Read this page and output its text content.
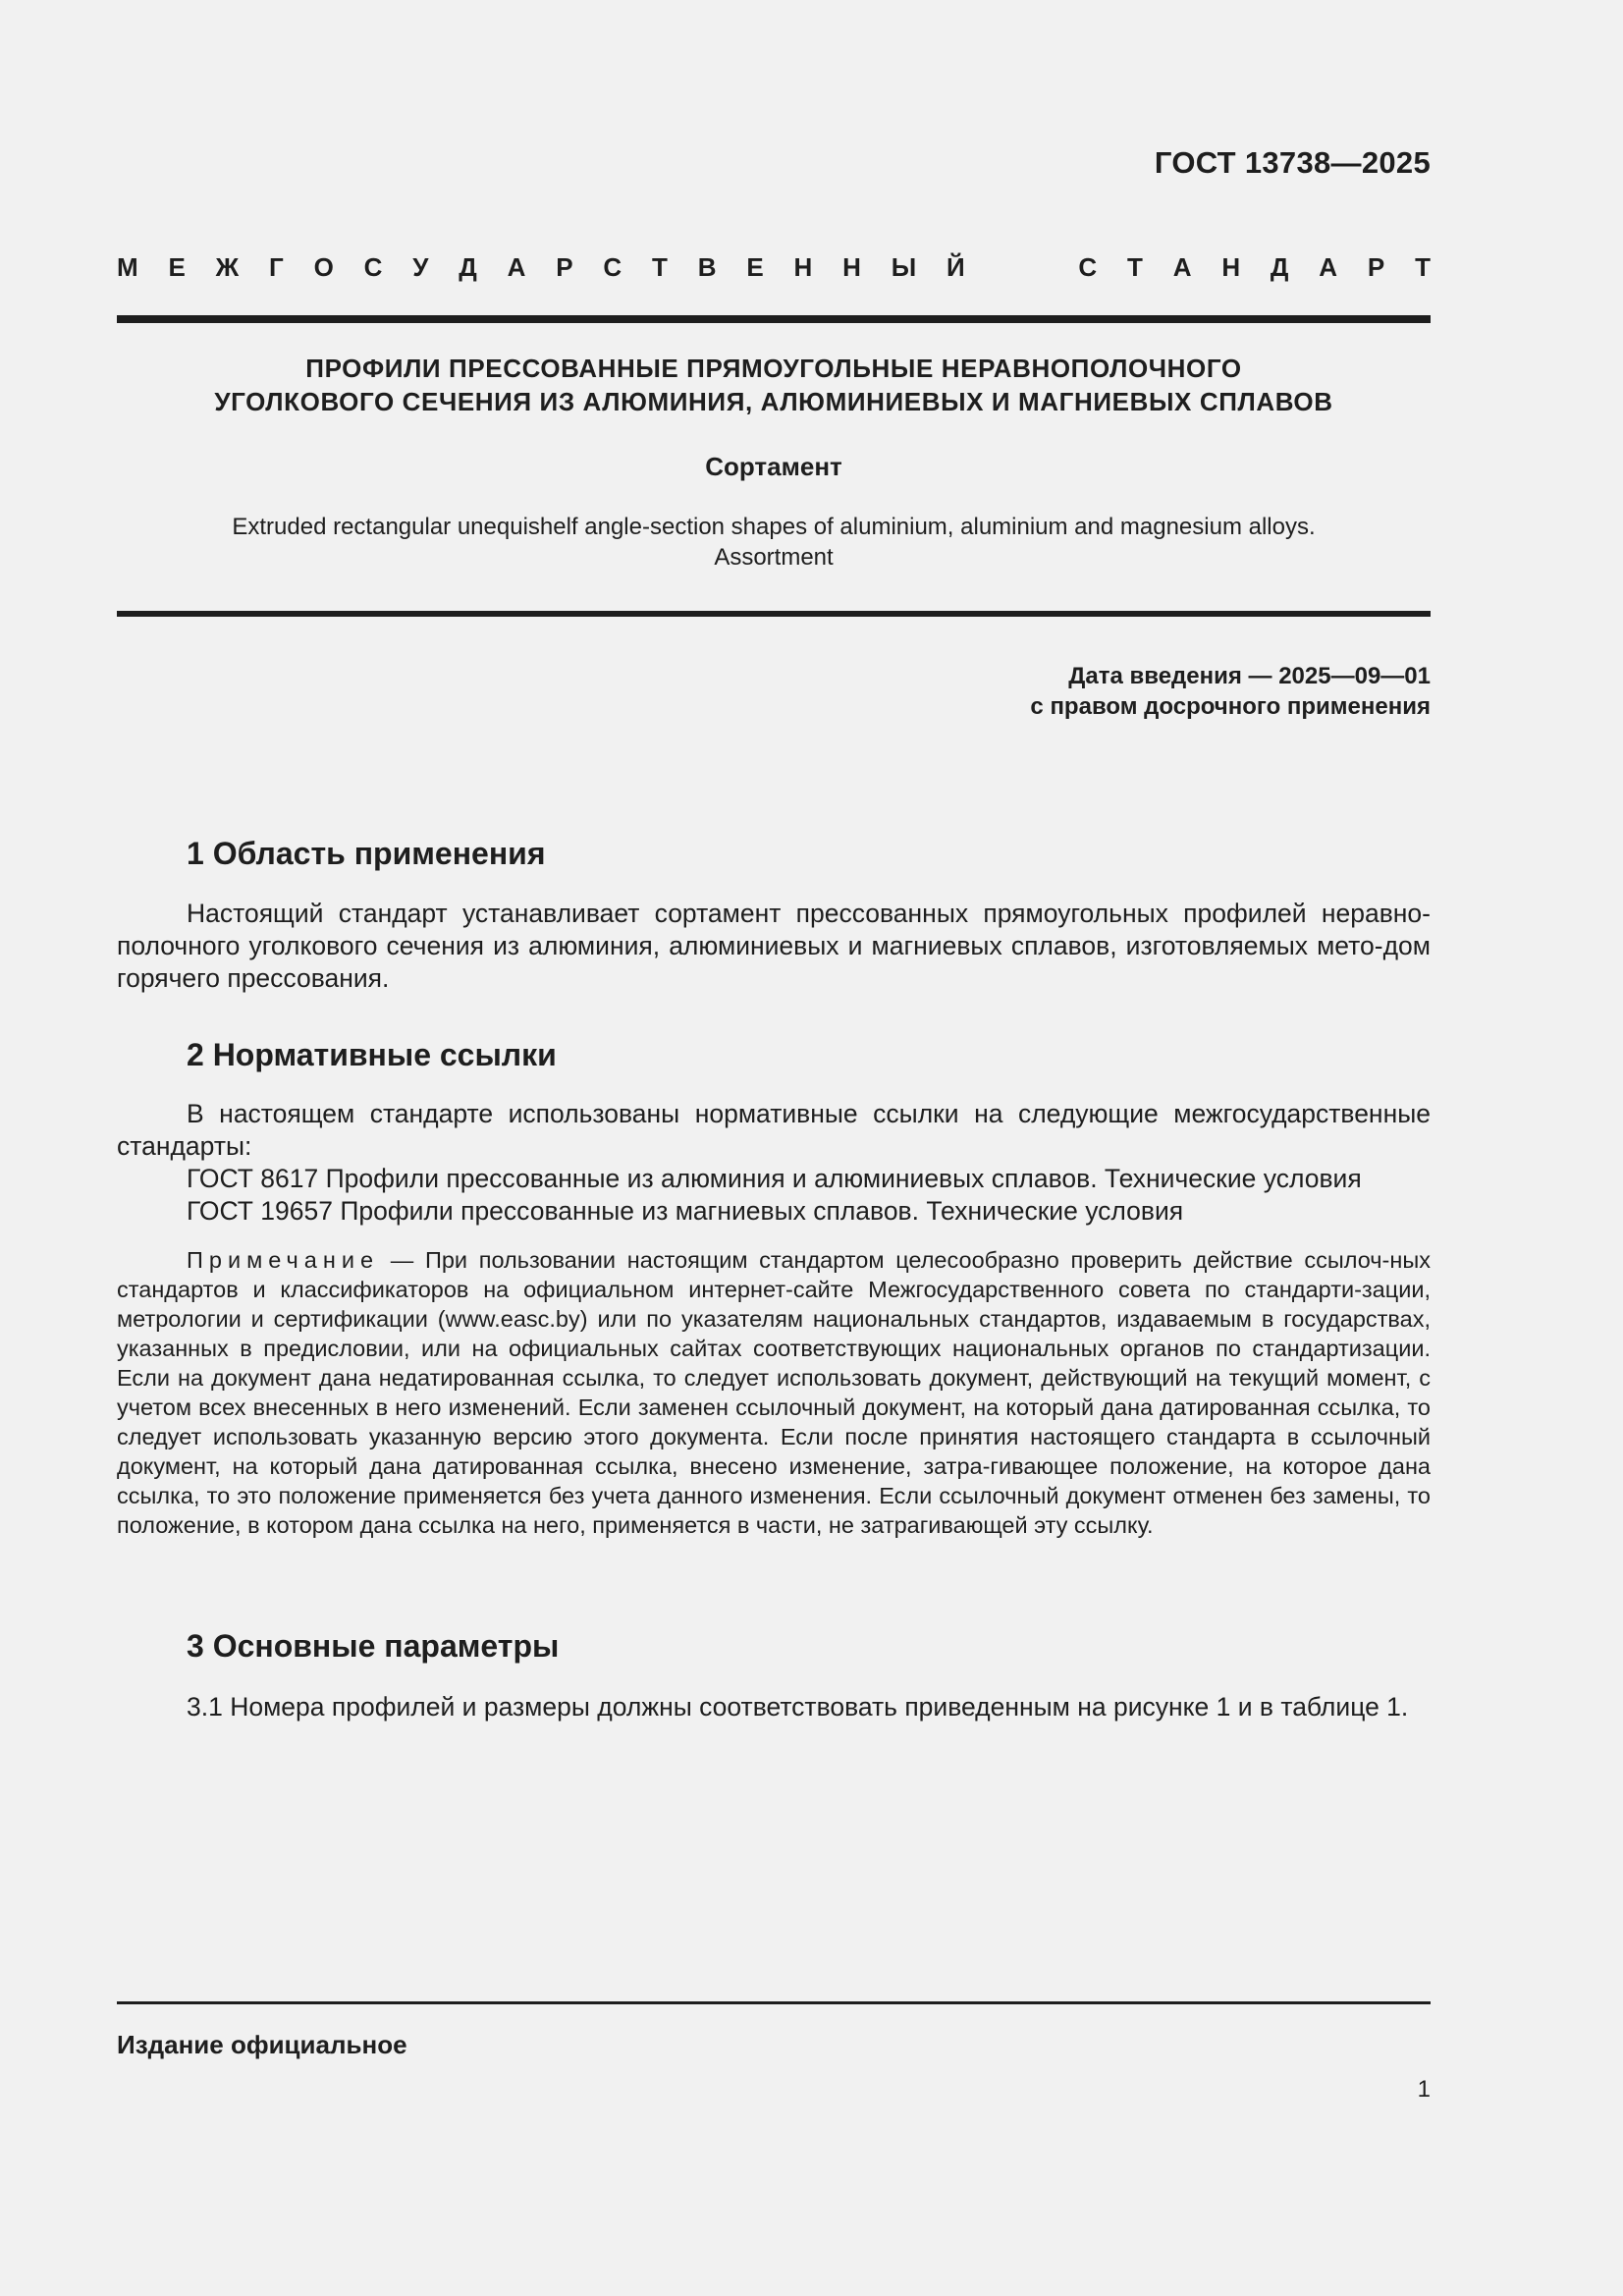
ГОСТ 13738—2025
М Е Ж Г О С У Д А Р С Т В Е Н Н Ы Й	С Т А Н Д А Р Т
ПРОФИЛИ ПРЕССОВАННЫЕ ПРЯМОУГОЛЬНЫЕ НЕРАВНОПОЛОЧНОГО
УГОЛКОВОГО СЕЧЕНИЯ ИЗ АЛЮМИНИЯ, АЛЮМИНИЕВЫХ И МАГНИЕВЫХ СПЛАВОВ
Сортамент
Extruded rectangular unequishelf angle-section shapes of aluminium, aluminium and magnesium alloys.
Assortment
Дата введения — 2025—09—01
с правом досрочного применения
1 Область применения
Настоящий стандарт устанавливает сортамент прессованных прямоугольных профилей неравно-полочного уголкового сечения из алюминия, алюминиевых и магниевых сплавов, изготовляемых мето-дом горячего прессования.
2 Нормативные ссылки
В настоящем стандарте использованы нормативные ссылки на следующие межгосударственные стандарты:
ГОСТ 8617 Профили прессованные из алюминия и алюминиевых сплавов. Технические условия
ГОСТ 19657 Профили прессованные из магниевых сплавов. Технические условия
Примечание — При пользовании настоящим стандартом целесообразно проверить действие ссылоч-ных стандартов и классификаторов на официальном интернет-сайте Межгосударственного совета по стандарти-зации, метрологии и сертификации (www.easc.by) или по указателям национальных стандартов, издаваемым в государствах, указанных в предисловии, или на официальных сайтах соответствующих национальных органов по стандартизации. Если на документ дана недатированная ссылка, то следует использовать документ, действующий на текущий момент, с учетом всех внесенных в него изменений. Если заменен ссылочный документ, на который дана датированная ссылка, то следует использовать указанную версию этого документа. Если после принятия настоящего стандарта в ссылочный документ, на который дана датированная ссылка, внесено изменение, затра-гивающее положение, на которое дана ссылка, то это положение применяется без учета данного изменения. Если ссылочный документ отменен без замены, то положение, в котором дана ссылка на него, применяется в части, не затрагивающей эту ссылку.
3 Основные параметры
3.1 Номера профилей и размеры должны соответствовать приведенным на рисунке 1 и в таблице 1.
Издание официальное
1
